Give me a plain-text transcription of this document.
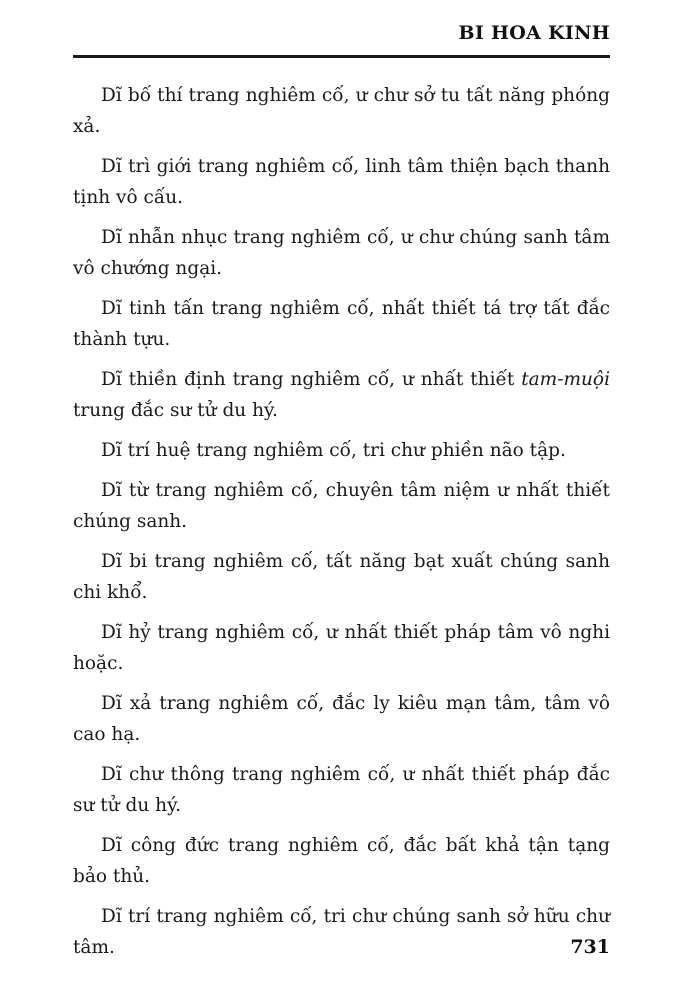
BI HOA KINH

Dĩ bố thí trang nghiêm cố, ư chư sở tu tất năng phóng xả.

Dĩ trì giới trang nghiêm cố, linh tâm thiện bạch thanh tịnh vô cấu.

Dĩ nhẫn nhục trang nghiêm cố, ư chư chúng sanh tâm vô chướng ngại.

Dĩ tinh tấn trang nghiêm cố, nhất thiết tá trợ tất đắc thành tựu.

Dĩ thiền định trang nghiêm cố, ư nhất thiết tam-muội trung đắc sư tử du hý.

Dĩ trí huệ trang nghiêm cố, tri chư phiền não tập.

Dĩ từ trang nghiêm cố, chuyên tâm niệm ư nhất thiết chúng sanh.

Dĩ bi trang nghiêm cố, tất năng bạt xuất chúng sanh chi khổ.

Dĩ hỷ trang nghiêm cố, ư nhất thiết pháp tâm vô nghi hoặc.

Dĩ xả trang nghiêm cố, đắc ly kiêu mạn tâm, tâm vô cao hạ.

Dĩ chư thông trang nghiêm cố, ư nhất thiết pháp đắc sư tử du hý.

Dĩ công đức trang nghiêm cố, đắc bất khả tận tạng bảo thủ.

Dĩ trí trang nghiêm cố, tri chư chúng sanh sở hữu chư tâm.	731
